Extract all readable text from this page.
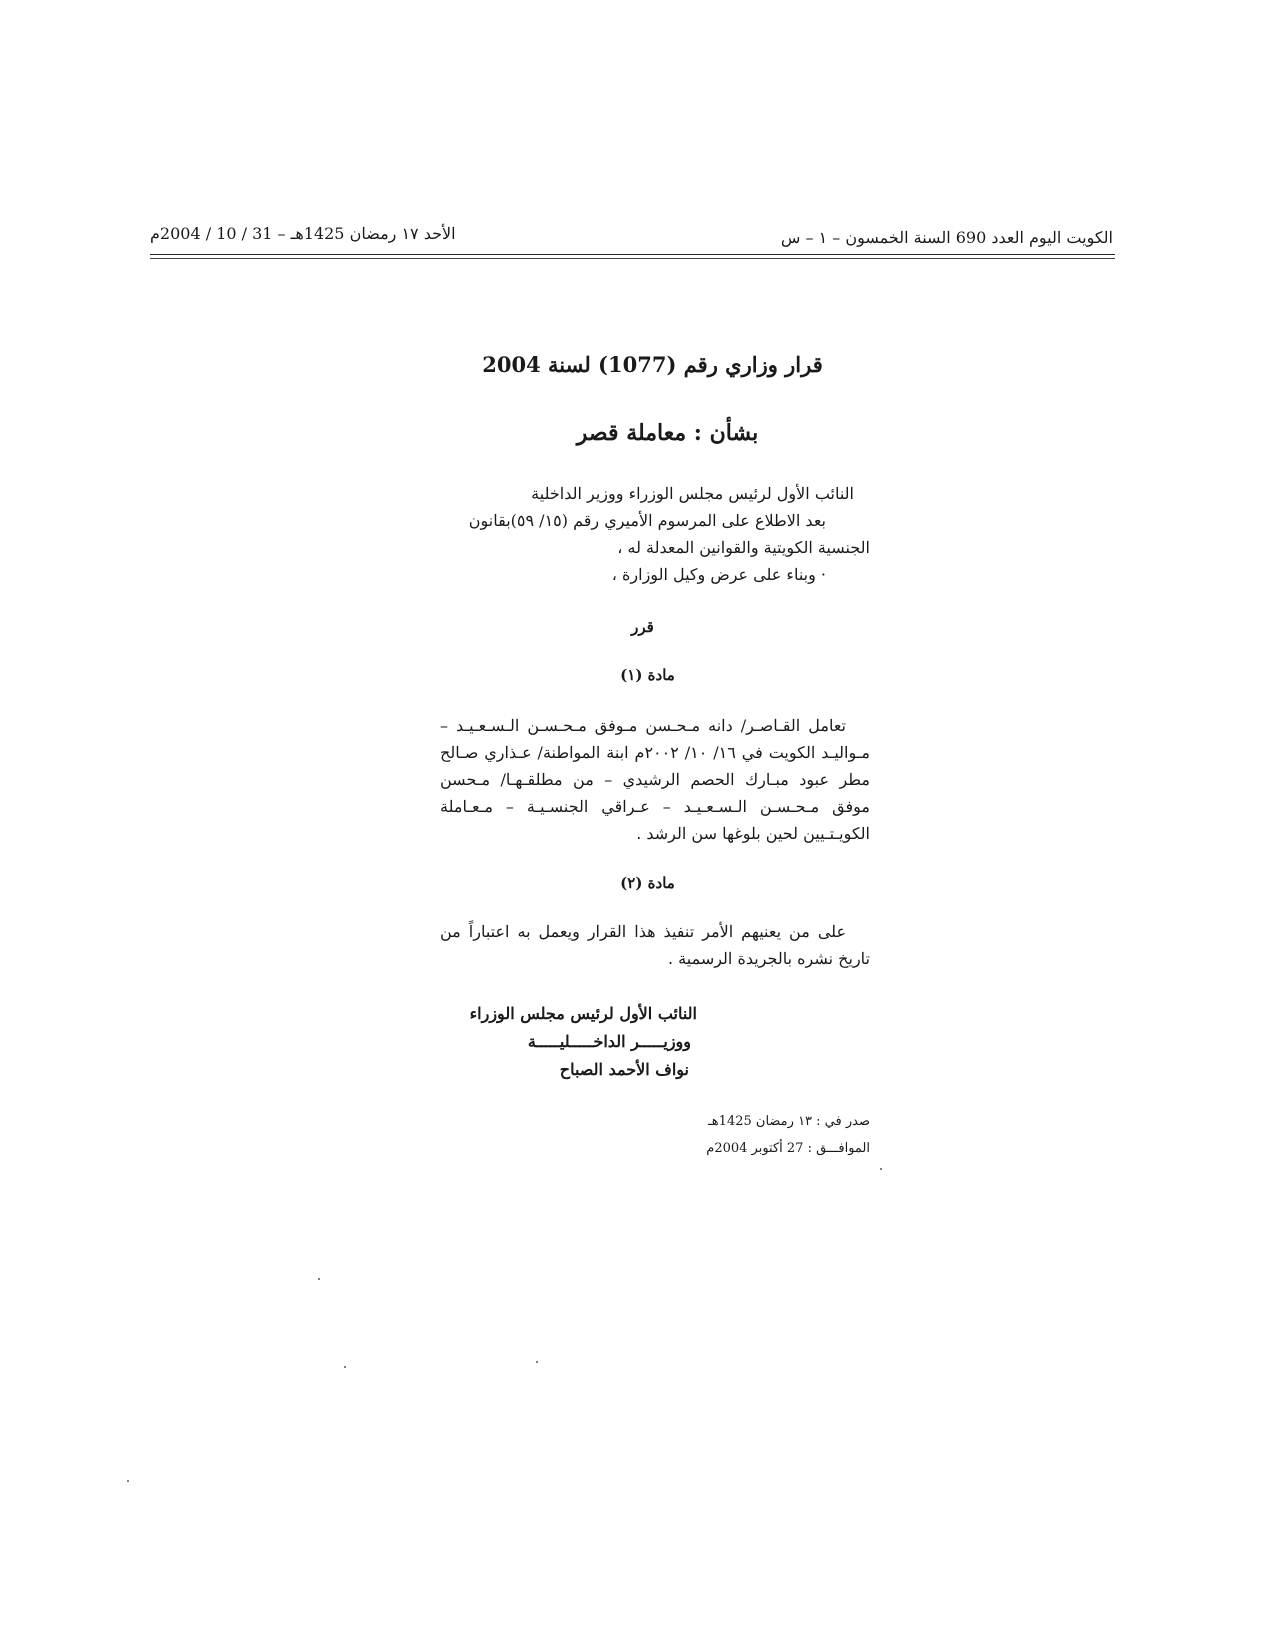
الكويت اليوم العدد 690 السنة الخمسون – ١ – س
الأحد ١٧ رمضان 1425هـ – 31 / 10 / 2004م
قرار وزاري رقم (1077) لسنة 2004
بشأن : معاملة قصر
النائب الأول لرئيس مجلس الوزراء ووزير الداخلية
بعد الاطلاع على المرسوم الأميري رقم (١٥/ ٥٩)بقانون
الجنسية الكويتية والقوانين المعدلة له ،
· وبناء على عرض وكيل الوزارة ،
قرر
مادة (١)
تعامل القـاصـر/ دانه مـحـسن مـوفق مـحـسـن الـسـعـيـد – مـواليـد الكويت في ١٦/ ١٠/ ٢٠٠٢م ابنة المواطنة/ عـذاري صـالح مطر عبود مبـارك الحصم الرشيدي – من مطلقـهـا/ مـحسن موفق مـحـسـن الـسـعـيـد – عـراقي الجنسـيـة – مـعـاملة الكويـتـيين لحين بلوغها سن الرشد .
مادة (٢)
على من يعنيهم الأمر تنفيذ هذا القرار ويعمل به اعتباراً من تاريخ نشره بالجريدة الرسمية .
النائب الأول لرئيس مجلس الوزراء
ووزيـــــر الداخـــــليـــــة
نواف الأحمد الصباح
صدر في : ١٣ رمضان 1425هـ
الموافـــق : 27 أكتوبر 2004م
